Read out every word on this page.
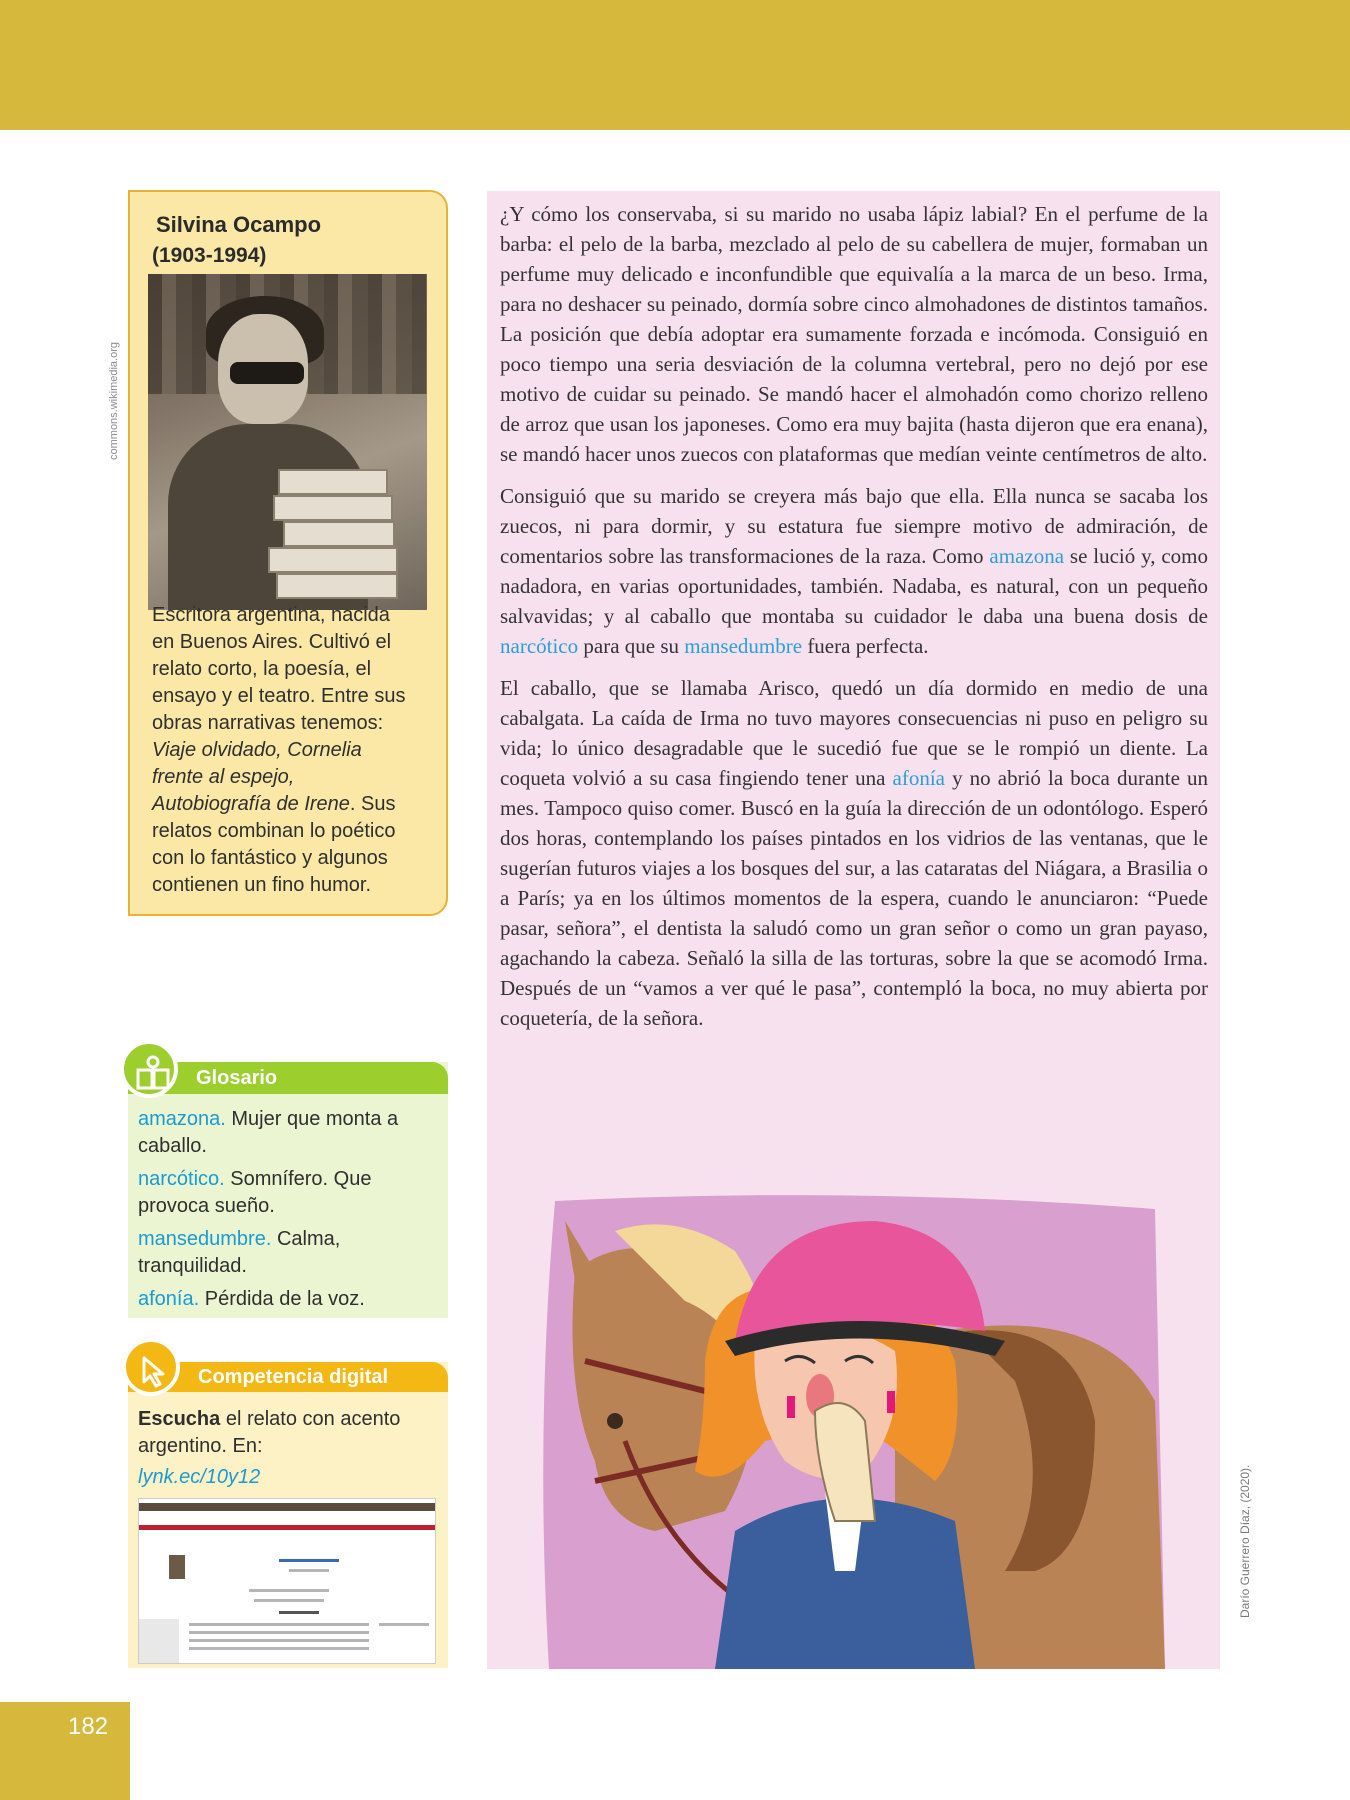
182
Silvina Ocampo
(1903-1994)
Escritora argentina, nacida en Buenos Aires. Cultivó el relato corto, la poesía, el ensayo y el teatro. Entre sus obras narrativas tenemos: Viaje olvidado, Cornelia frente al espejo, Autobiografía de Irene. Sus relatos combinan lo poético con lo fantástico y algunos contienen un fino humor.
commons.wikimedia.org
Glosario
amazona. Mujer que monta a caballo.
narcótico. Somnífero. Que provoca sueño.
mansedumbre. Calma, tranquilidad.
afonía. Pérdida de la voz.
Competencia digital
Escucha el relato con acento argentino. En:
lynk.ec/10y12

¿Y cómo los conservaba, si su marido no usaba lápiz labial? En el perfume de la barba: el pelo de la barba, mezclado al pelo de su cabellera de mujer, formaban un perfume muy delicado e inconfundible que equivalía a la marca de un beso. Irma, para no deshacer su peinado, dormía sobre cinco almohadones de distintos tamaños. La posición que debía adoptar era sumamente forzada e incómoda. Consiguió en poco tiempo una seria desviación de la columna vertebral, pero no dejó por ese motivo de cuidar su peinado. Se mandó hacer el almohadón como chorizo relleno de arroz que usan los japoneses. Como era muy bajita (hasta dijeron que era enana), se mandó hacer unos zuecos con plataformas que medían veinte centímetros de alto.

Consiguió que su marido se creyera más bajo que ella. Ella nunca se sacaba los zuecos, ni para dormir, y su estatura fue siempre motivo de admiración, de comentarios sobre las transformaciones de la raza. Como amazona se lució y, como nadadora, en varias oportunidades, también. Nadaba, es natural, con un pequeño salvavidas; y al caballo que montaba su cuidador le daba una buena dosis de narcótico para que su mansedumbre fuera perfecta.

El caballo, que se llamaba Arisco, quedó un día dormido en medio de una cabalgata. La caída de Irma no tuvo mayores consecuencias ni puso en peligro su vida; lo único desagradable que le sucedió fue que se le rompió un diente. La coqueta volvió a su casa fingiendo tener una afonía y no abrió la boca durante un mes. Tampoco quiso comer. Buscó en la guía la dirección de un odontólogo. Esperó dos horas, contemplando los países pintados en los vidrios de las ventanas, que le sugerían futuros viajes a los bosques del sur, a las cataratas del Niágara, a Brasilia o a París; ya en los últimos momentos de la espera, cuando le anunciaron: “Puede pasar, señora”, el dentista la saludó como un gran señor o como un gran payaso, agachando la cabeza. Señaló la silla de las torturas, sobre la que se acomodó Irma. Después de un “vamos a ver qué le pasa”, contempló la boca, no muy abierta por coquetería, de la señora.

Darío Guerrero Díaz, (2020).
